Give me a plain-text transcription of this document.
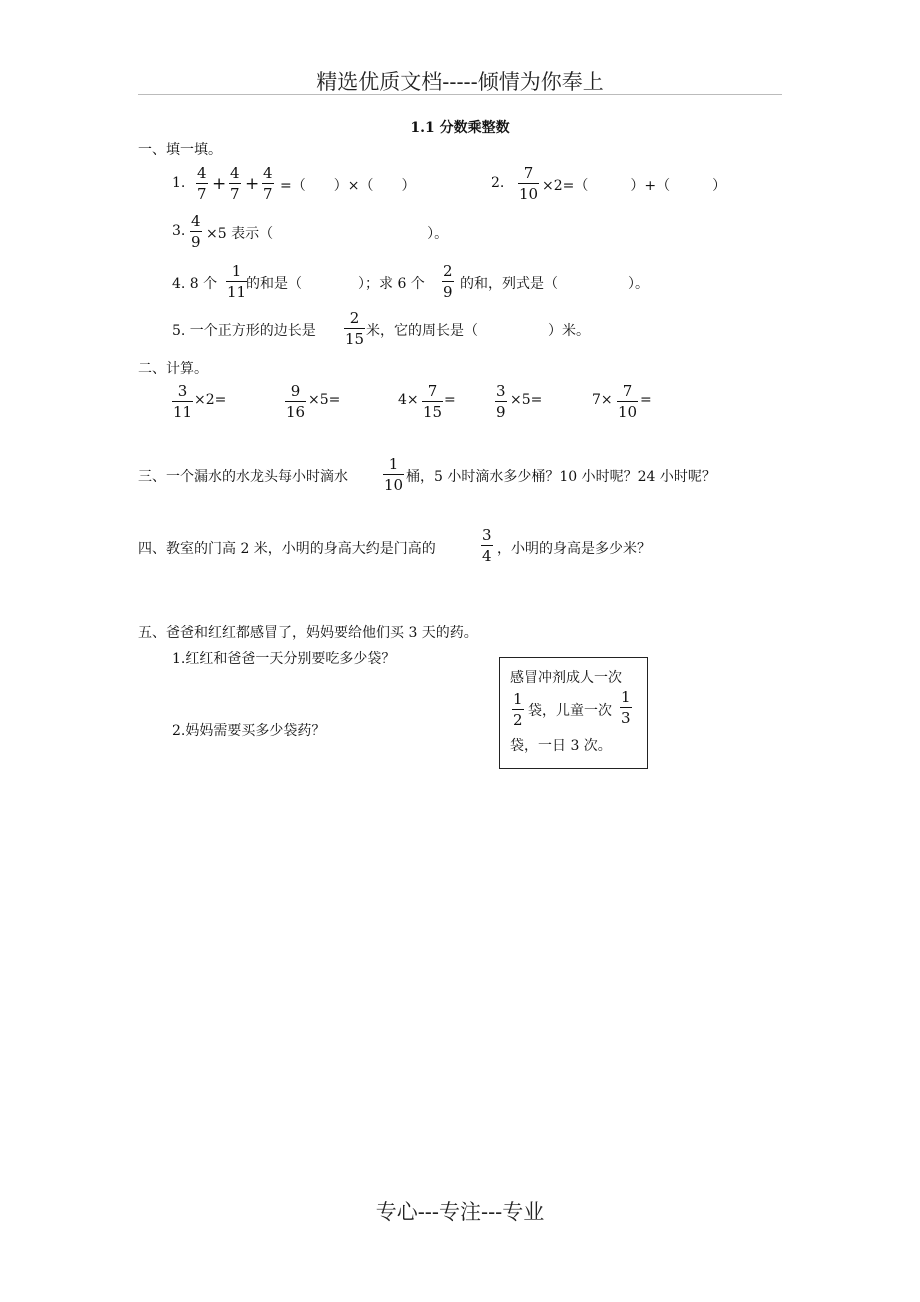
精选优质文档-----倾情为你奉上
1.1 分数乘整数
一、填一填。
1.
4
7 +
4
7 +
4
7 =（　　）×（　　）	2.
7
10 ×2=（　　　）+（　　　）
3.
4
9 ×5 表示（　　　　　　　　　　　）。
4. 8 个
1
11 的和是（　　　　）；求 6 个
2
9 的和，列式是（　　　　　）。
5. 一个正方形的边长是
2
15 米，它的周长是（　　　　　）米。
二、计算。
3
11
×2=	9
16
×5=	4× 7
15
=	3
9
×5=	7× 7
10
=
三、一个漏水的水龙头每小时滴水
1
10 桶，5 小时滴水多少桶？10 小时呢？24 小时呢？
四、教室的门高 2 米，小明的身高大约是门高的
3
4 ，小明的身高是多少米？
五、爸爸和红红都感冒了，妈妈要给他们买 3 天的药。
1.红红和爸爸一天分别要吃多少袋？
2.妈妈需要买多少袋药？
感冒冲剂成人一次
1
2 袋，儿童一次
1
3
袋，一日 3 次。
专心---专注---专业
